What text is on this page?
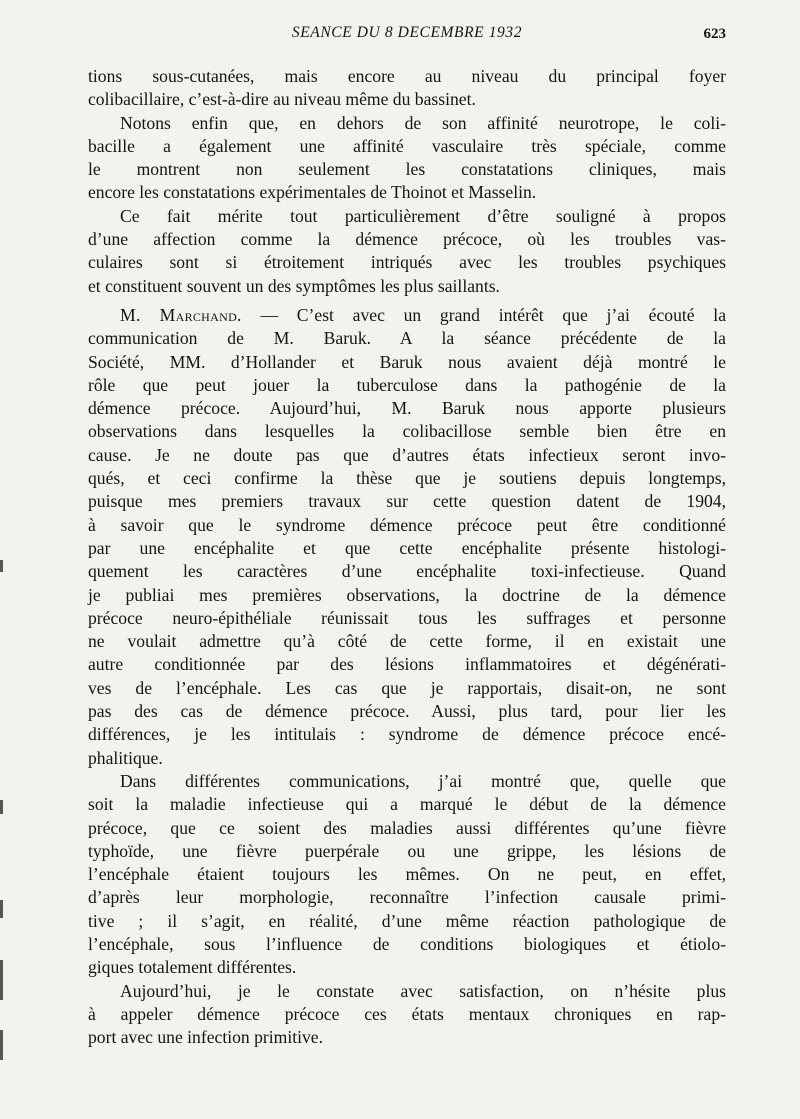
SEANCE DU 8 DECEMBRE 1932	623
tions sous-cutanées, mais encore au niveau du principal foyer
colibacillaire, c’est-à-dire au niveau même du bassinet.
Notons enfin que, en dehors de son affinité neurotrope, le coli-
bacille a également une affinité vasculaire très spéciale, comme
le montrent non seulement les constatations cliniques, mais
encore les constatations expérimentales de Thoinot et Masselin.
Ce fait mérite tout particulièrement d’être souligné à propos
d’une affection comme la démence précoce, où les troubles vas-
culaires sont si étroitement intriqués avec les troubles psychiques
et constituent souvent un des symptômes les plus saillants.
M. Marchand. — C’est avec un grand intérêt que j’ai écouté la
communication de M. Baruk. A la séance précédente de la
Société, MM. d’Hollander et Baruk nous avaient déjà montré le
rôle que peut jouer la tuberculose dans la pathogénie de la
démence précoce. Aujourd’hui, M. Baruk nous apporte plusieurs
observations dans lesquelles la colibacillose semble bien être en
cause. Je ne doute pas que d’autres états infectieux seront invo-
qués, et ceci confirme la thèse que je soutiens depuis longtemps,
puisque mes premiers travaux sur cette question datent de 1904,
à savoir que le syndrome démence précoce peut être conditionné
par une encéphalite et que cette encéphalite présente histologi-
quement les caractères d’une encéphalite toxi-infectieuse. Quand
je publiai mes premières observations, la doctrine de la démence
précoce neuro-épithéliale réunissait tous les suffrages et personne
ne voulait admettre qu’à côté de cette forme, il en existait une
autre conditionnée par des lésions inflammatoires et dégénérati-
ves de l’encéphale. Les cas que je rapportais, disait-on, ne sont
pas des cas de démence précoce. Aussi, plus tard, pour lier les
différences, je les intitulais : syndrome de démence précoce encé-
phalitique.
Dans différentes communications, j’ai montré que, quelle que
soit la maladie infectieuse qui a marqué le début de la démence
précoce, que ce soient des maladies aussi différentes qu’une fièvre
typhoïde, une fièvre puerpérale ou une grippe, les lésions de
l’encéphale étaient toujours les mêmes. On ne peut, en effet,
d’après leur morphologie, reconnaître l’infection causale primi-
tive ; il s’agit, en réalité, d’une même réaction pathologique de
l’encéphale, sous l’influence de conditions biologiques et étiolo-
giques totalement différentes.
Aujourd’hui, je le constate avec satisfaction, on n’hésite plus
à appeler démence précoce ces états mentaux chroniques en rap-
port avec une infection primitive.
